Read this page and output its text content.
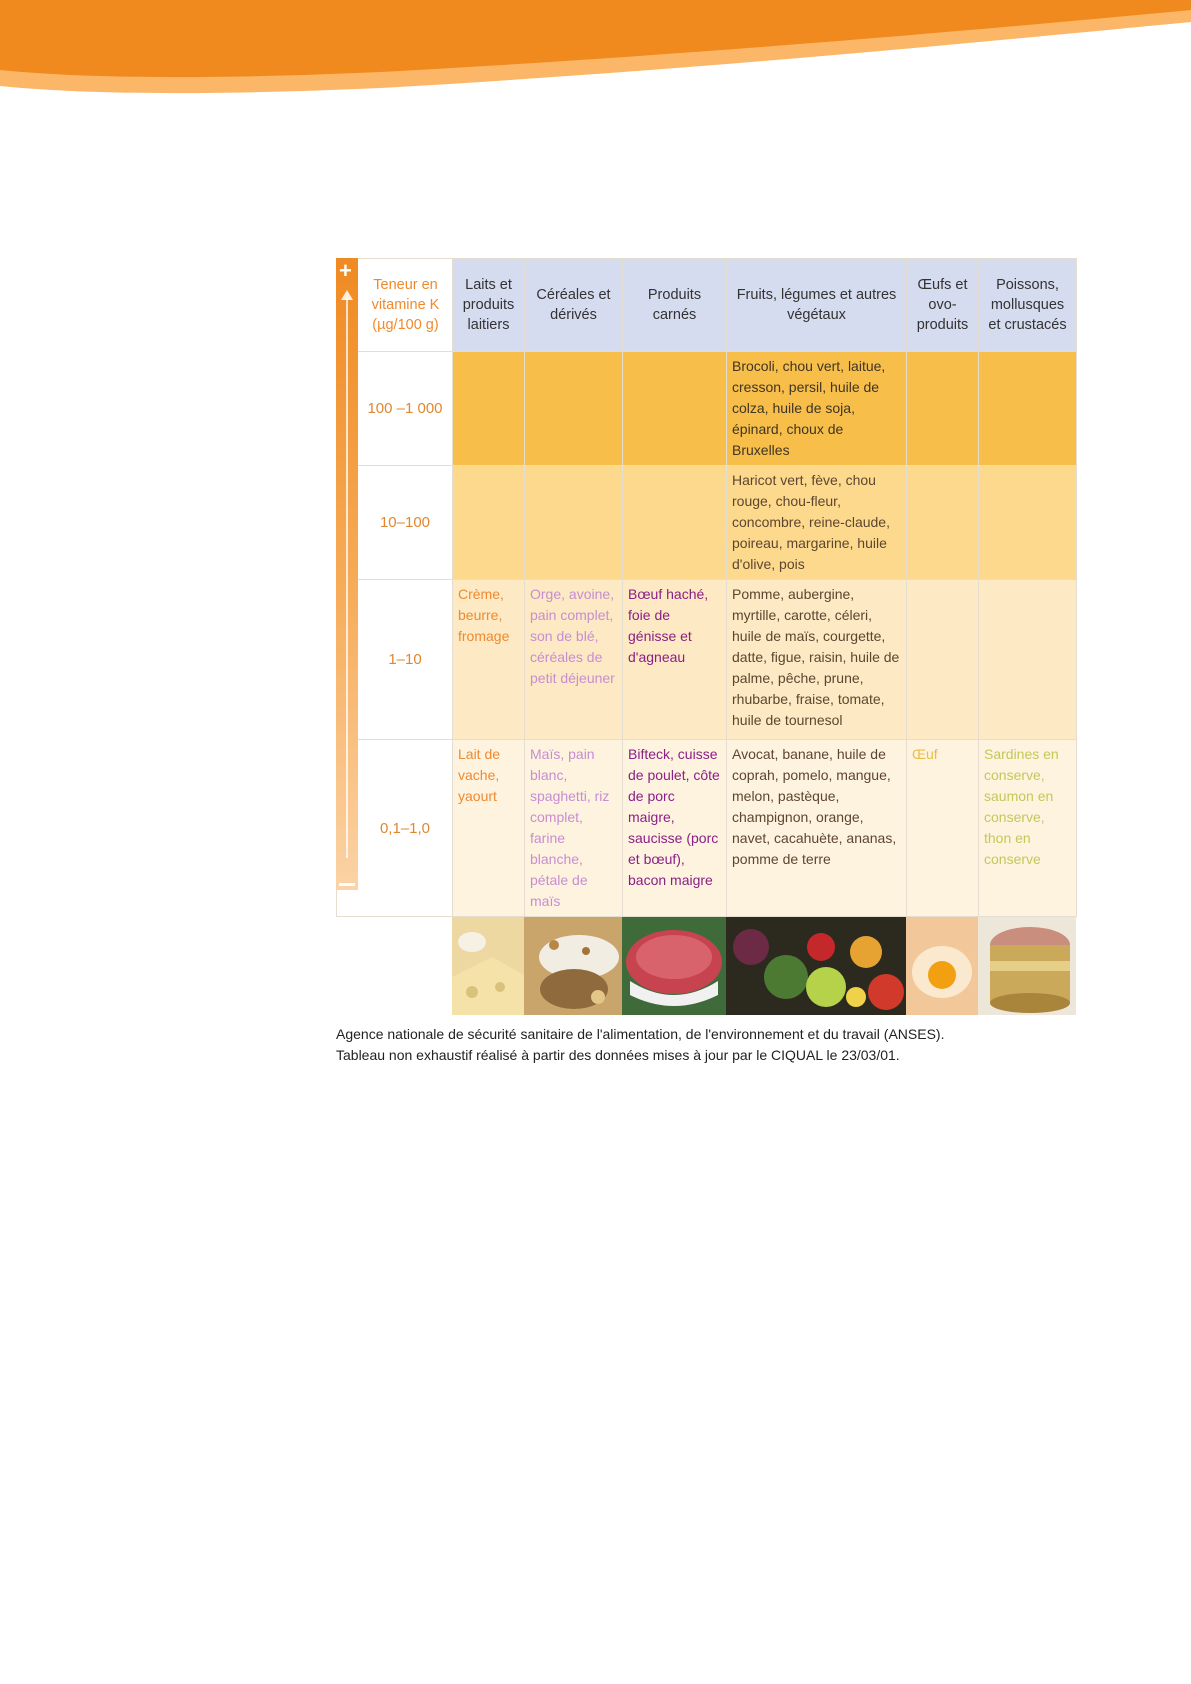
Teneur en vitamine K (µg/100 g)	Laits et produits laitiers	Céréales et dérivés	Produits carnés	Fruits, légumes et autres végétaux	Œufs et ovo-produits	Poissons, mollusques et crustacés
100 –1 000				Brocoli, chou vert, laitue, cresson, persil, huile de colza, huile de soja, épinard, choux de Bruxelles		
10–100				Haricot vert, fève, chou rouge, chou-fleur, concombre, reine-claude, poireau, margarine, huile d'olive, pois		
1–10	Crème, beurre, fromage	Orge, avoine, pain complet, son de blé, céréales de petit déjeuner	Bœuf haché, foie de génisse et d'agneau	Pomme, aubergine, myrtille, carotte, céleri, huile de maïs, courgette, datte, figue, raisin, huile de palme, pêche, prune, rhubarbe, fraise, tomate, huile de tournesol		
0,1–1,0	Lait de vache, yaourt	Maïs, pain blanc, spaghetti, riz complet, farine blanche, pétale de maïs	Bifteck, cuisse de poulet, côte de porc maigre, saucisse (porc et bœuf), bacon maigre	Avocat, banane, huile de coprah, pomelo, mangue, melon, pastèque, champignon, orange, navet, cacahuète, ananas, pomme de terre	Œuf	Sardines en conserve, saumon en conserve, thon en conserve
+
Agence nationale de sécurité sanitaire de l'alimentation, de l'environnement et du travail (ANSES).
Tableau non exhaustif réalisé à partir des données mises à jour par le CIQUAL le 23/03/01.
